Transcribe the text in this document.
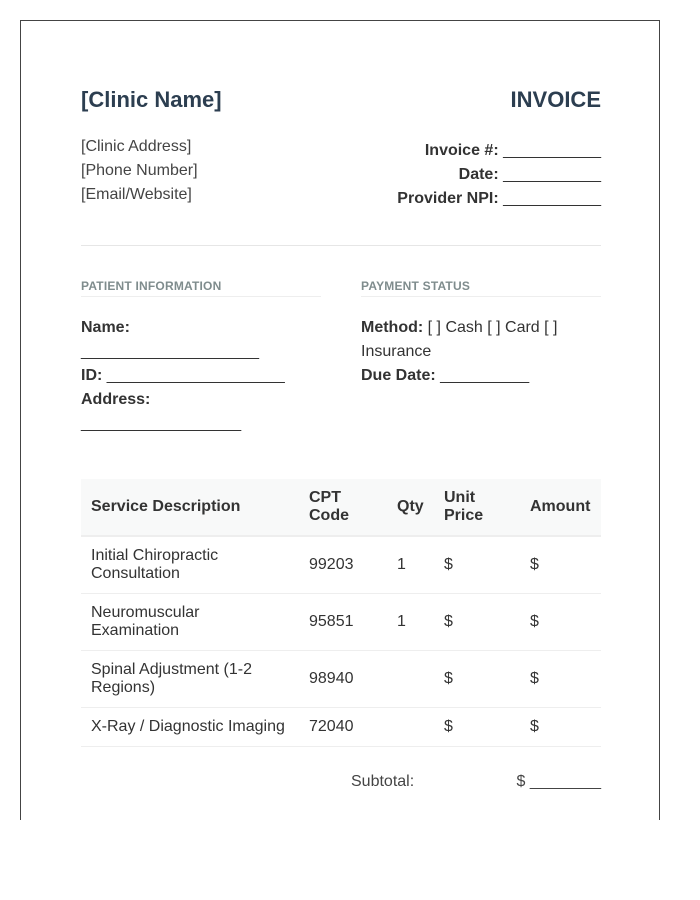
[Clinic Name]	INVOICE
[Clinic Address]
[Phone Number]
[Email/Website]
Invoice #: ___________
Date: ___________
Provider NPI: ___________
PATIENT INFORMATION
Name:
____________________
ID: ____________________
Address:
__________________
PAYMENT STATUS
Method: [ ] Cash [ ] Card [ ] Insurance
Due Date: __________
Service Description	CPT Code	Qty	Unit Price	Amount
Initial Chiropractic Consultation	99203	1	$	$
Neuromuscular Examination	95851	1	$	$
Spinal Adjustment (1-2 Regions)	98940		$	$
X-Ray / Diagnostic Imaging	72040		$	$
Subtotal:	$ ________
